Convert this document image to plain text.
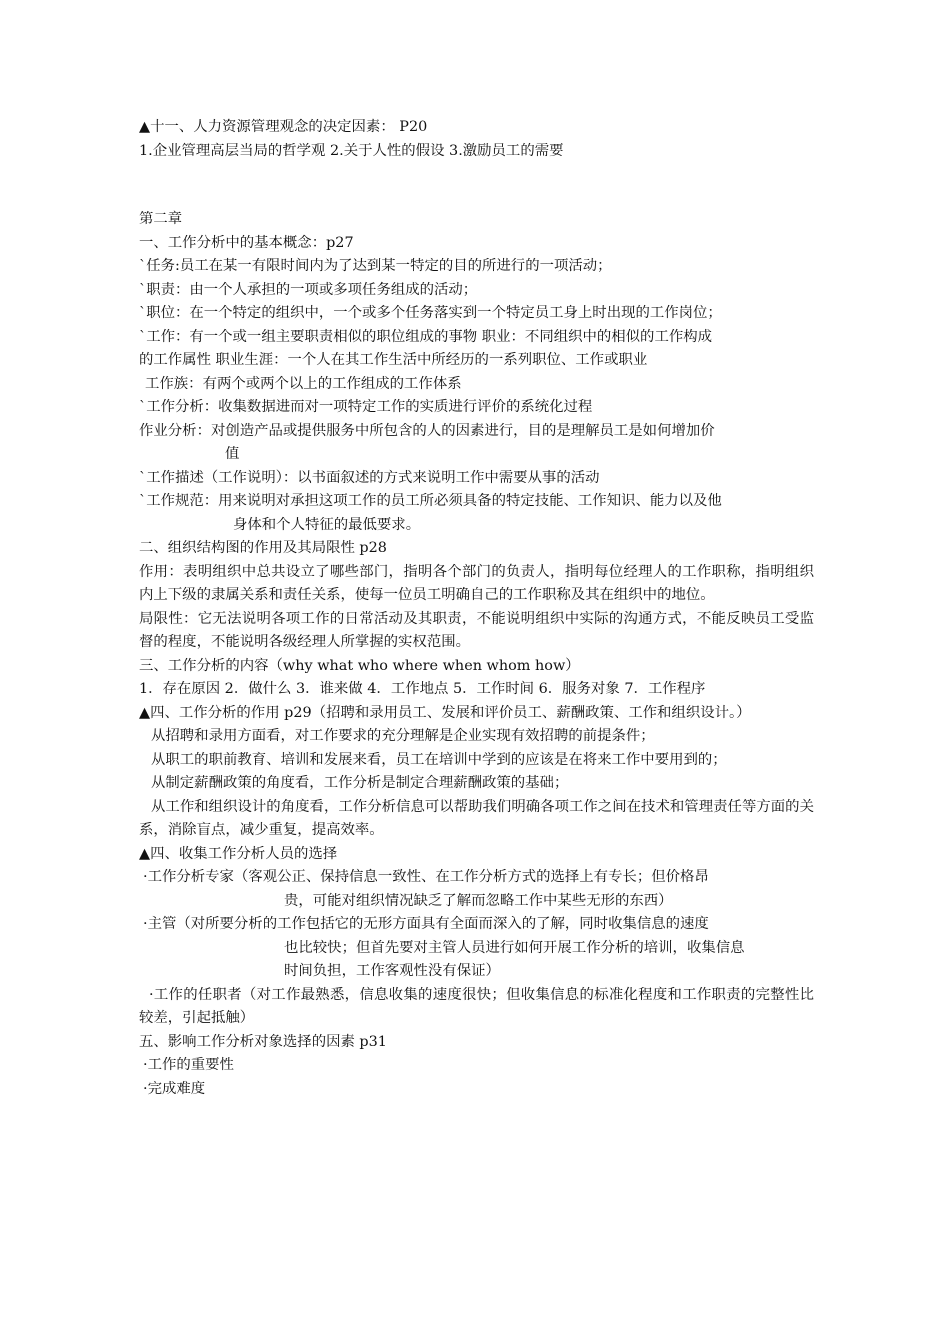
▲十一、人力资源管理观念的决定因素： P20
1.企业管理高层当局的哲学观 2.关于人性的假设 3.激励员工的需要
第二章
一、工作分析中的基本概念：p27
`任务:员工在某一有限时间内为了达到某一特定的目的所进行的一项活动；
`职责：由一个人承担的一项或多项任务组成的活动；
`职位：在一个特定的组织中，一个或多个任务落实到一个特定员工身上时出现的工作岗位；
`工作：有一个或一组主要职责相似的职位组成的事物 职业：不同组织中的相似的工作构成
的工作属性 职业生涯：一个人在其工作生活中所经历的一系列职位、工作或职业
工作族：有两个或两个以上的工作组成的工作体系
`工作分析：收集数据进而对一项特定工作的实质进行评价的系统化过程
作业分析：对创造产品或提供服务中所包含的人的因素进行，目的是理解员工是如何增加价
值
`工作描述（工作说明）：以书面叙述的方式来说明工作中需要从事的活动
`工作规范：用来说明对承担这项工作的员工所必须具备的特定技能、工作知识、能力以及他
身体和个人特征的最低要求。
二、组织结构图的作用及其局限性 p28
作用：表明组织中总共设立了哪些部门，指明各个部门的负责人，指明每位经理人的工作职称，指明组织内上下级的隶属关系和责任关系，使每一位员工明确自己的工作职称及其在组织中的地位。
局限性：它无法说明各项工作的日常活动及其职责，不能说明组织中实际的沟通方式，不能反映员工受监督的程度，不能说明各级经理人所掌握的实权范围。
三、工作分析的内容（why what who where when whom how）
1．存在原因 2．做什么 3．谁来做 4．工作地点 5．工作时间 6．服务对象 7．工作程序
▲四、工作分析的作用 p29（招聘和录用员工、发展和评价员工、薪酬政策、工作和组织设计。）
从招聘和录用方面看，对工作要求的充分理解是企业实现有效招聘的前提条件；
从职工的职前教育、培训和发展来看，员工在培训中学到的应该是在将来工作中要用到的；
从制定薪酬政策的角度看，工作分析是制定合理薪酬政策的基础；
从工作和组织设计的角度看，工作分析信息可以帮助我们明确各项工作之间在技术和管理责任等方面的关系，消除盲点，减少重复，提高效率。
▲四、收集工作分析人员的选择
·工作分析专家（客观公正、保持信息一致性、在工作分析方式的选择上有专长；但价格昂
贵，可能对组织情况缺乏了解而忽略工作中某些无形的东西）
·主管（对所要分析的工作包括它的无形方面具有全面而深入的了解，同时收集信息的速度
也比较快；但首先要对主管人员进行如何开展工作分析的培训，收集信息
时间负担，工作客观性没有保证）
·工作的任职者（对工作最熟悉，信息收集的速度很快；但收集信息的标准化程度和工作职责的完整性比较差，引起抵触）
五、影响工作分析对象选择的因素 p31
·工作的重要性
·完成难度
